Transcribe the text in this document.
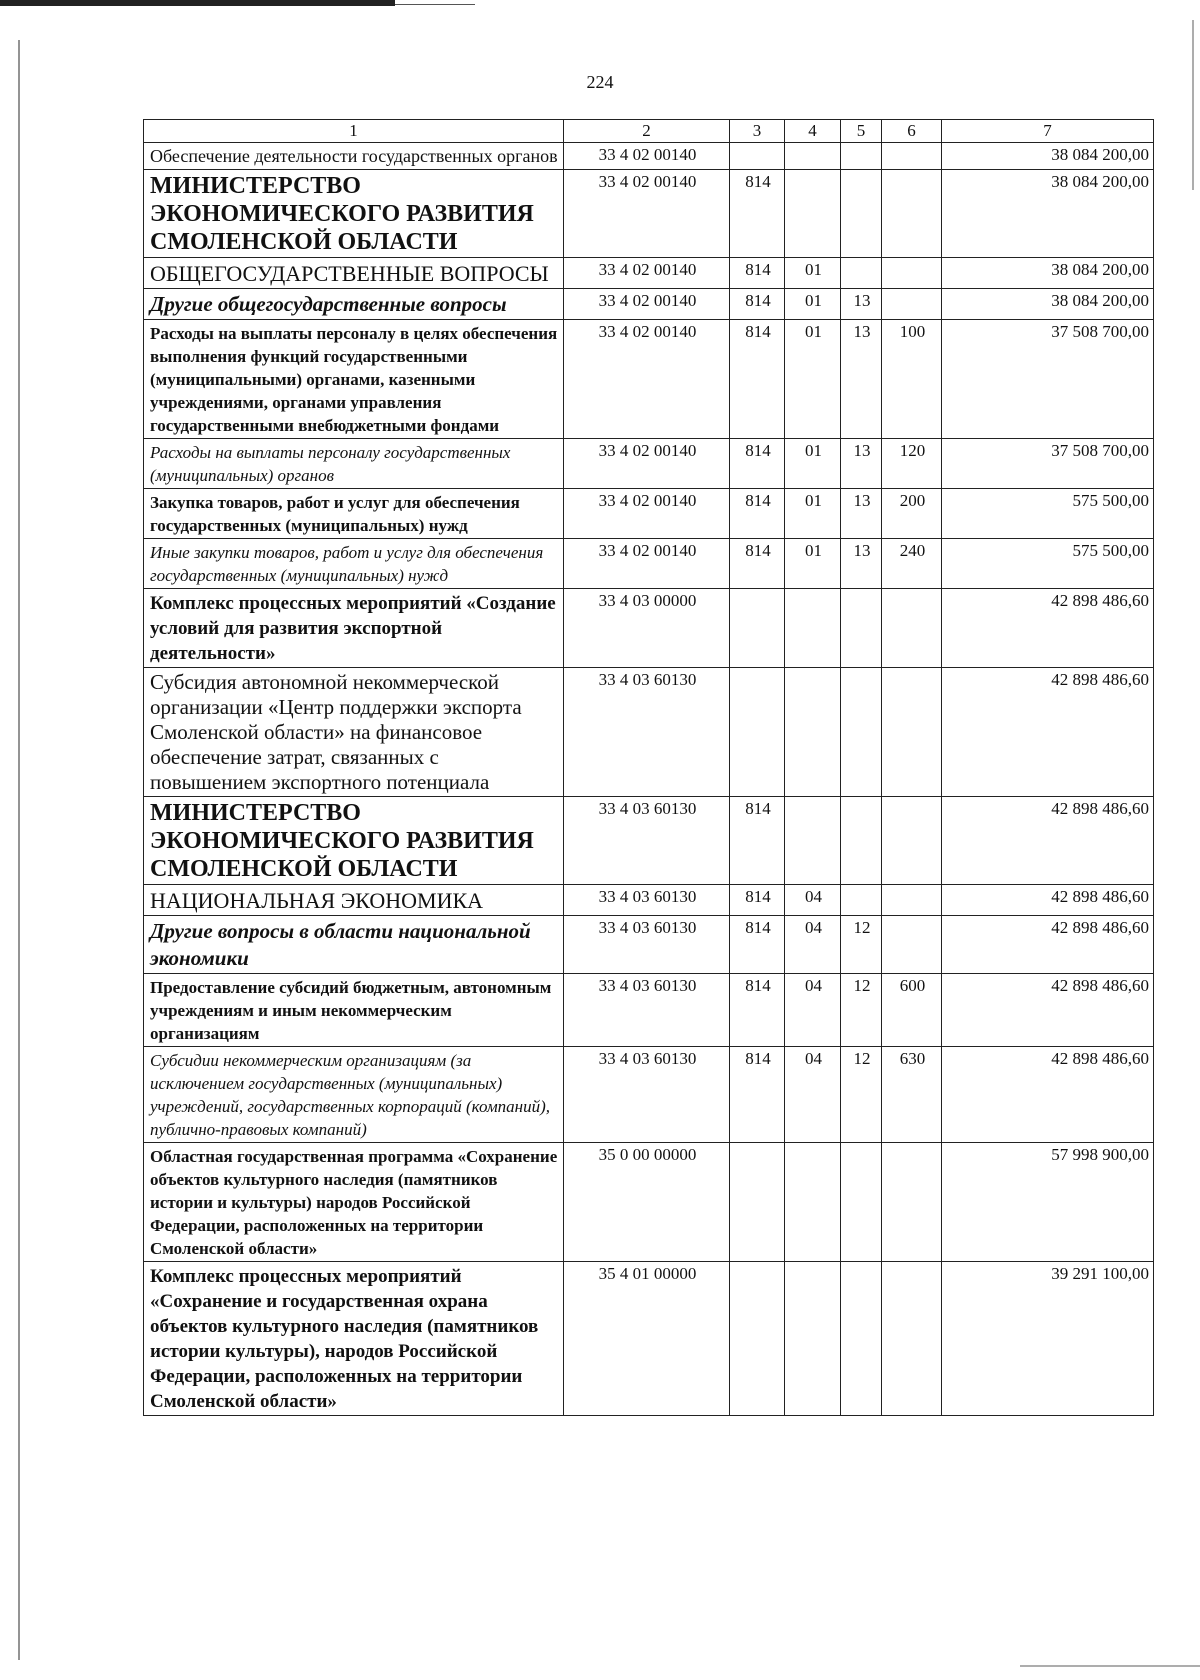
224
1	2	3	4	5	6	7
Обеспечение деятельности государственных органов	33 4 02 00140					38 084 200,00
МИНИСТЕРСТВО ЭКОНОМИЧЕСКОГО РАЗВИТИЯ СМОЛЕНСКОЙ ОБЛАСТИ	33 4 02 00140	814				38 084 200,00
ОБЩЕГОСУДАРСТВЕННЫЕ ВОПРОСЫ	33 4 02 00140	814	01			38 084 200,00
Другие общегосударственные вопросы	33 4 02 00140	814	01	13		38 084 200,00
Расходы на выплаты персоналу в целях обеспечения выполнения функций государственными (муниципальными) органами, казенными учреждениями, органами управления государственными внебюджетными фондами	33 4 02 00140	814	01	13	100	37 508 700,00
Расходы на выплаты персоналу государственных (муниципальных) органов	33 4 02 00140	814	01	13	120	37 508 700,00
Закупка товаров, работ и услуг для обеспечения государственных (муниципальных) нужд	33 4 02 00140	814	01	13	200	575 500,00
Иные закупки товаров, работ и услуг для обеспечения государственных (муниципальных) нужд	33 4 02 00140	814	01	13	240	575 500,00
Комплекс процессных мероприятий «Создание условий для развития экспортной деятельности»	33 4 03 00000					42 898 486,60
Субсидия автономной некоммерческой организации «Центр поддержки экспорта Смоленской области» на финансовое обеспечение затрат, связанных с повышением экспортного потенциала	33 4 03 60130					42 898 486,60
МИНИСТЕРСТВО ЭКОНОМИЧЕСКОГО РАЗВИТИЯ СМОЛЕНСКОЙ ОБЛАСТИ	33 4 03 60130	814				42 898 486,60
НАЦИОНАЛЬНАЯ ЭКОНОМИКА	33 4 03 60130	814	04			42 898 486,60
Другие вопросы в области национальной экономики	33 4 03 60130	814	04	12		42 898 486,60
Предоставление субсидий бюджетным, автономным учреждениям и иным некоммерческим организациям	33 4 03 60130	814	04	12	600	42 898 486,60
Субсидии некоммерческим организациям (за исключением государственных (муниципальных) учреждений, государственных корпораций (компаний), публично-правовых компаний)	33 4 03 60130	814	04	12	630	42 898 486,60
Областная государственная программа «Сохранение объектов культурного наследия (памятников истории и культуры) народов Российской Федерации, расположенных на территории Смоленской области»	35 0 00 00000					57 998 900,00
Комплекс процессных мероприятий «Сохранение и государственная охрана объектов культурного наследия (памятников истории культуры), народов Российской Федерации, расположенных на территории Смоленской области»	35 4 01 00000					39 291 100,00
